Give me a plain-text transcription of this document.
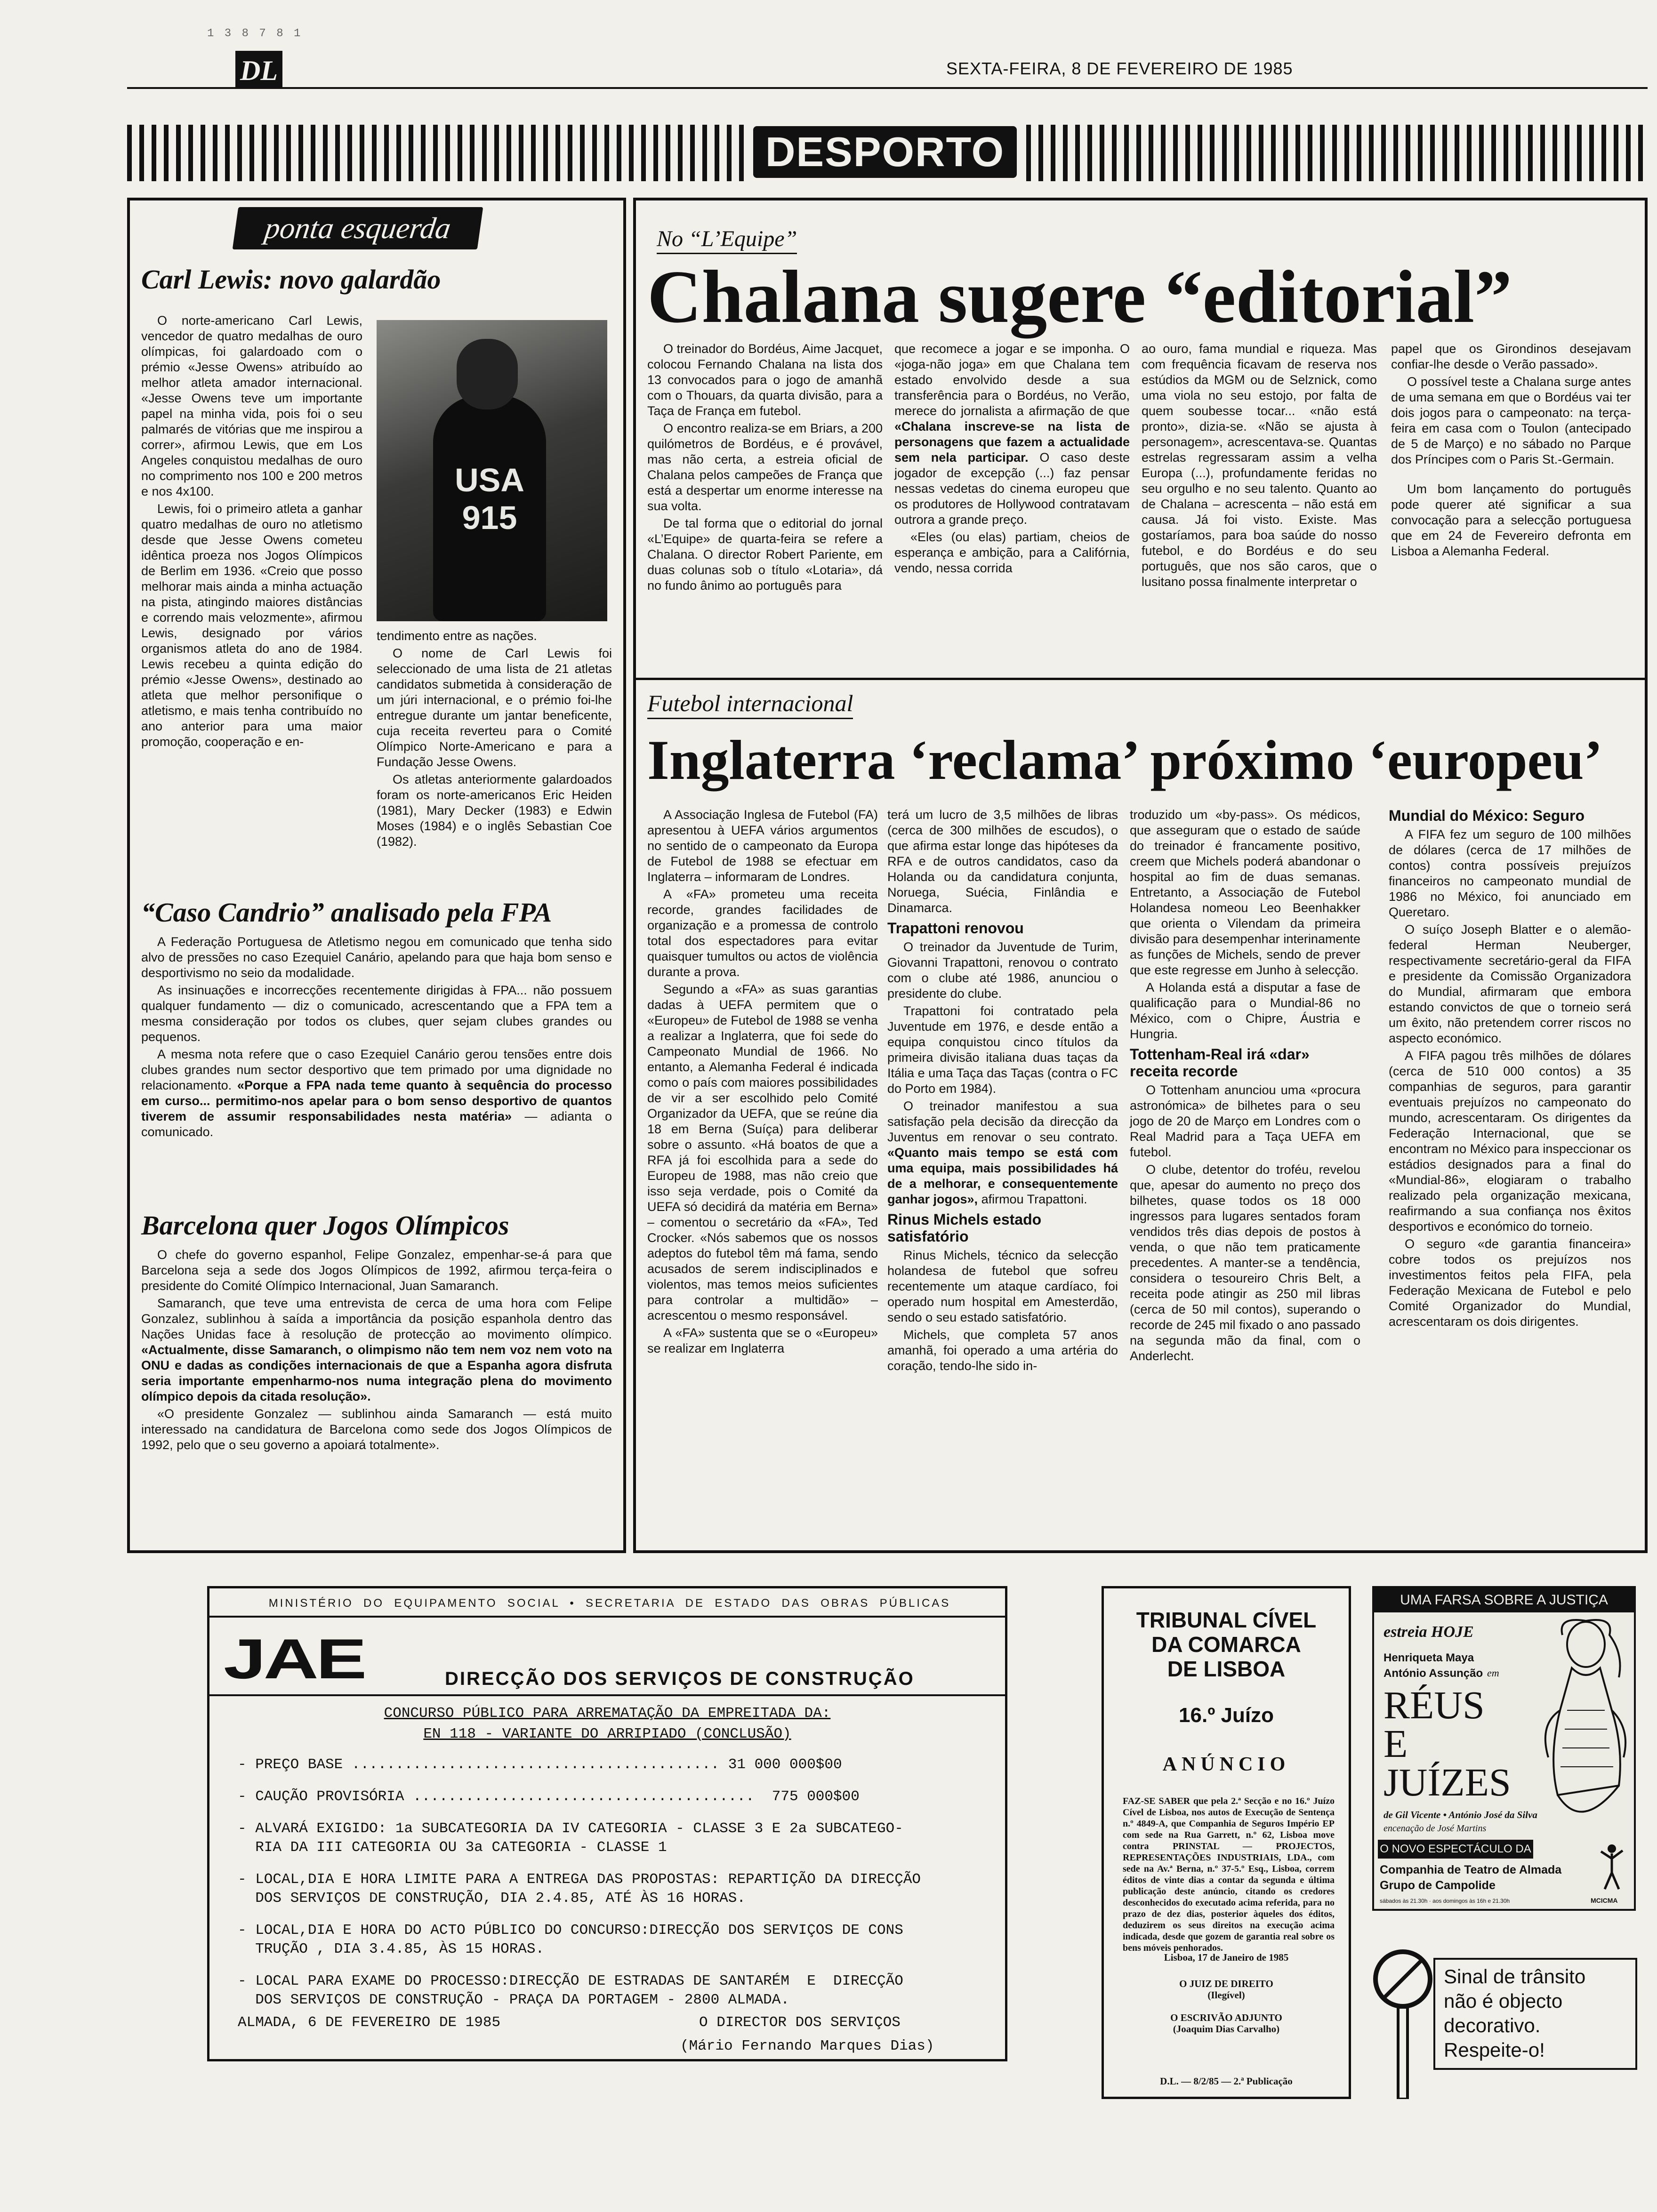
1 3 8 7 8 1
DL	SEXTA-FEIRA, 8 DE FEVEREIRO DE 1985
DESPORTO
ponta esquerda
Carl Lewis: novo galardão

O norte-americano Carl Lewis, vencedor de quatro medalhas de ouro olímpicas, foi galardoado com o prémio «Jesse Owens» atribuído ao melhor atleta amador internacional. «Jesse Owens teve um importante papel na minha vida, pois foi o seu palmarés de vitórias que me inspirou a correr», afirmou Lewis, que em Los Angeles conquistou medalhas de ouro no comprimento nos 100 e 200 metros e nos 4x100.

Lewis, foi o primeiro atleta a ganhar quatro medalhas de ouro no atletismo desde que Jesse Owens cometeu idêntica proeza nos Jogos Olímpicos de Berlim em 1936. «Creio que posso melhorar mais ainda a minha actuação na pista, atingindo maiores distâncias e correndo mais velozmente», afirmou Lewis, designado por vários organismos atleta do ano de 1984. Lewis recebeu a quinta edição do prémio «Jesse Owens», destinado ao atleta que melhor personifique o atletismo, e mais tenha contribuído no ano anterior para uma maior promoção, cooperação e en-

USA 915

tendimento entre as nações.

O nome de Carl Lewis foi seleccionado de uma lista de 21 atletas candidatos submetida à consideração de um júri internacional, e o prémio foi-lhe entregue durante um jantar beneficente, cuja receita reverteu para o Comité Olímpico Norte-Americano e para a Fundação Jesse Owens.

Os atletas anteriormente galardoados foram os norte-americanos Eric Heiden (1981), Mary Decker (1983) e Edwin Moses (1984) e o inglês Sebastian Coe (1982).

“Caso Candrio” analisado pela FPA

A Federação Portuguesa de Atletismo negou em comunicado que tenha sido alvo de pressões no caso Ezequiel Canário, apelando para que haja bom senso e desportivismo no seio da modalidade.

As insinuações e incorrecções recentemente dirigidas à FPA... não possuem qualquer fundamento — diz o comunicado, acrescentando que a FPA tem a mesma consideração por todos os clubes, quer sejam clubes grandes ou pequenos.

A mesma nota refere que o caso Ezequiel Canário gerou tensões entre dois clubes grandes num sector desportivo que tem primado por uma dignidade no relacionamento. «Porque a FPA nada teme quanto à sequência do processo em curso... permitimo-nos apelar para o bom senso desportivo de quantos tiverem de assumir responsabilidades nesta matéria» — adianta o comunicado.

Barcelona quer Jogos Olímpicos

O chefe do governo espanhol, Felipe Gonzalez, empenhar-se-á para que Barcelona seja a sede dos Jogos Olímpicos de 1992, afirmou terça-feira o presidente do Comité Olímpico Internacional, Juan Samaranch.

Samaranch, que teve uma entrevista de cerca de uma hora com Felipe Gonzalez, sublinhou à saída a importância da posição espanhola dentro das Nações Unidas face à resolução de protecção ao movimento olímpico. «Actualmente, disse Samaranch, o olimpismo não tem nem voz nem voto na ONU e dadas as condições internacionais de que a Espanha agora disfruta seria importante empenharmo-nos numa integração plena do movimento olímpico depois da citada resolução».

«O presidente Gonzalez — sublinhou ainda Samaranch — está muito interessado na candidatura de Barcelona como sede dos Jogos Olímpicos de 1992, pelo que o seu governo a apoiará totalmente».

No “L’Equipe”
Chalana sugere “editorial”

O treinador do Bordéus, Aime Jacquet, colocou Fernando Chalana na lista dos 13 convocados para o jogo de amanhã com o Thouars, da quarta divisão, para a Taça de França em futebol.

O encontro realiza-se em Briars, a 200 quilómetros de Bordéus, e é provável, mas não certa, a estreia oficial de Chalana pelos campeões de França que está a despertar um enorme interesse na sua volta.

De tal forma que o editorial do jornal «L’Equipe» de quarta-feira se refere a Chalana. O director Robert Pariente, em duas colunas sob o título «Lotaria», dá no fundo ânimo ao português para

que recomece a jogar e se imponha. O «joga-não joga» em que Chalana tem estado envolvido desde a sua transferência para o Bordéus, no Verão, merece do jornalista a afirmação de que «Chalana inscreve-se na lista de personagens que fazem a actualidade sem nela participar. O caso deste jogador de excepção (...) faz pensar nessas vedetas do cinema europeu que os produtores de Hollywood contratavam outrora a grande preço.

«Eles (ou elas) partiam, cheios de esperança e ambição, para a Califórnia, vendo, nessa corrida

ao ouro, fama mundial e riqueza. Mas com frequência ficavam de reserva nos estúdios da MGM ou de Selznick, como uma viola no seu estojo, por falta de quem soubesse tocar... «não está pronto», dizia-se. «Não se ajusta à personagem», acrescentava-se. Quantas estrelas regressaram assim a velha Europa (...), profundamente feridas no seu orgulho e no seu talento. Quanto ao de Chalana – acrescenta – não está em causa. Já foi visto. Existe. Mas gostaríamos, para boa saúde do nosso futebol, e do Bordéus e do seu português, que nos são caros, que o lusitano possa finalmente interpretar o

papel que os Girondinos desejavam confiar-lhe desde o Verão passado».

O possível teste a Chalana surge antes de uma semana em que o Bordéus vai ter dois jogos para o campeonato: na terça-feira em casa com o Toulon (antecipado de 5 de Março) e no sábado no Parque dos Príncipes com o Paris St.-Germain.

Um bom lançamento do português pode querer até significar a sua convocação para a selecção portuguesa que em 24 de Fevereiro defronta em Lisboa a Alemanha Federal.

Futebol internacional
Inglaterra ‘reclama’ próximo ‘europeu’

A Associação Inglesa de Futebol (FA) apresentou à UEFA vários argumentos no sentido de o campeonato da Europa de Futebol de 1988 se efectuar em Inglaterra – informaram de Londres.

A «FA» prometeu uma receita recorde, grandes facilidades de organização e a promessa de controlo total dos espectadores para evitar quaisquer tumultos ou actos de violência durante a prova.

Segundo a «FA» as suas garantias dadas à UEFA permitem que o «Europeu» de Futebol de 1988 se venha a realizar a Inglaterra, que foi sede do Campeonato Mundial de 1966. No entanto, a Alemanha Federal é indicada como o país com maiores possibilidades de vir a ser escolhido pelo Comité Organizador da UEFA, que se reúne dia 18 em Berna (Suíça) para deliberar sobre o assunto. «Há boatos de que a RFA já foi escolhida para a sede do Europeu de 1988, mas não creio que isso seja verdade, pois o Comité da UEFA só decidirá da matéria em Berna» – comentou o secretário da «FA», Ted Crocker. «Nós sabemos que os nossos adeptos do futebol têm má fama, sendo acusados de serem indisciplinados e violentos, mas temos meios suficientes para controlar a multidão» – acrescentou o mesmo responsável.

A «FA» sustenta que se o «Europeu» se realizar em Inglaterra

terá um lucro de 3,5 milhões de libras (cerca de 300 milhões de escudos), o que afirma estar longe das hipóteses da RFA e de outros candidatos, caso da Holanda ou da candidatura conjunta, Noruega, Suécia, Finlândia e Dinamarca.

Trapattoni renovou

O treinador da Juventude de Turim, Giovanni Trapattoni, renovou o contrato com o clube até 1986, anunciou o presidente do clube.

Trapattoni foi contratado pela Juventude em 1976, e desde então a equipa conquistou cinco títulos da primeira divisão italiana duas taças da Itália e uma Taça das Taças (contra o FC do Porto em 1984).

O treinador manifestou a sua satisfação pela decisão da direcção da Juventus em renovar o seu contrato. «Quanto mais tempo se está com uma equipa, mais possibilidades há de a melhorar, e consequentemente ganhar jogos», afirmou Trapattoni.

Rinus Michels estado satisfatório

Rinus Michels, técnico da selecção holandesa de futebol que sofreu recentemente um ataque cardíaco, foi operado num hospital em Amesterdão, sendo o seu estado satisfatório.

Michels, que completa 57 anos amanhã, foi operado a uma artéria do coração, tendo-lhe sido in-

troduzido um «by-pass». Os médicos, que asseguram que o estado de saúde do treinador é francamente positivo, creem que Michels poderá abandonar o hospital ao fim de duas semanas. Entretanto, a Associação de Futebol Holandesa nomeou Leo Beenhakker que orienta o Vilendam da primeira divisão para desempenhar interinamente as funções de Michels, sendo de prever que este regresse em Junho à selecção.

A Holanda está a disputar a fase de qualificação para o Mundial-86 no México, com o Chipre, Áustria e Hungria.

Tottenham-Real irá «dar» receita recorde

O Tottenham anunciou uma «procura astronómica» de bilhetes para o seu jogo de 20 de Março em Londres com o Real Madrid para a Taça UEFA em futebol.

O clube, detentor do troféu, revelou que, apesar do aumento no preço dos bilhetes, quase todos os 18 000 ingressos para lugares sentados foram vendidos três dias depois de postos à venda, o que não tem praticamente precedentes. A manter-se a tendência, considera o tesoureiro Chris Belt, a receita pode atingir as 250 mil libras (cerca de 50 mil contos), superando o recorde de 245 mil fixado o ano passado na segunda mão da final, com o Anderlecht.

Mundial do México: Seguro

A FIFA fez um seguro de 100 milhões de dólares (cerca de 17 milhões de contos) contra possíveis prejuízos financeiros no campeonato mundial de 1986 no México, foi anunciado em Queretaro.

O suíço Joseph Blatter e o alemão-federal Herman Neuberger, respectivamente secretário-geral da FIFA e presidente da Comissão Organizadora do Mundial, afirmaram que embora estando convictos de que o torneio será um êxito, não pretendem correr riscos no aspecto económico.

A FIFA pagou três milhões de dólares (cerca de 510 000 contos) a 35 companhias de seguros, para garantir eventuais prejuízos no campeonato do mundo, acrescentaram. Os dirigentes da Federação Internacional, que se encontram no México para inspeccionar os estádios designados para a final do «Mundial-86», elogiaram o trabalho realizado pela organização mexicana, reafirmando a sua confiança nos êxitos desportivos e económico do torneio.

O seguro «de garantia financeira» cobre todos os prejuízos nos investimentos feitos pela FIFA, pela Federação Mexicana de Futebol e pelo Comité Organizador do Mundial, acrescentaram os dois dirigentes.

MINISTÉRIO  DO  EQUIPAMENTO  SOCIAL  •  SECRETARIA  DE  ESTADO  DAS  OBRAS  PÚBLICAS
JAE	DIRECÇÃO DOS SERVIÇOS DE CONSTRUÇÃO
CONCURSO PÚBLICO PARA ARREMATAÇÃO DA EMPREITADA DA:
EN 118 - VARIANTE DO ARRIPIADO (CONCLUSÃO)
- PREÇO BASE .......................................... 31 000 000$00
- CAUÇÃO PROVISÓRIA .......................................  775 000$00
- ALVARÁ EXIGIDO: 1a SUBCATEGORIA DA IV CATEGORIA - CLASSE 3 E 2a SUBCATEGO-
RIA DA III CATEGORIA OU 3a CATEGORIA - CLASSE 1
- LOCAL,DIA E HORA LIMITE PARA A ENTREGA DAS PROPOSTAS: REPARTIÇÃO DA DIRECÇÃO
DOS SERVIÇOS DE CONSTRUÇÃO, DIA 2.4.85, ATÉ ÀS 16 HORAS.
- LOCAL,DIA E HORA DO ACTO PÚBLICO DO CONCURSO:DIRECÇÃO DOS SERVIÇOS DE CONS
TRUÇÃO , DIA 3.4.85, ÀS 15 HORAS.
- LOCAL PARA EXAME DO PROCESSO:DIRECÇÃO DE ESTRADAS DE SANTARÉM  E  DIRECÇÃO
DOS SERVIÇOS DE CONSTRUÇÃO - PRAÇA DA PORTAGEM - 2800 ALMADA.
ALMADA, 6 DE FEVEREIRO DE 1985	O DIRECTOR DOS SERVIÇOS
(Mário Fernando Marques Dias)
TRIBUNAL CÍVEL
DA COMARCA
DE LISBOA
16.º Juízo
ANÚNCIO
FAZ-SE SABER que pela 2.ª Secção e no 16.º Juízo Cível de Lisboa, nos autos de Execução de Sentença n.º 4849-A, que Companhia de Seguros Império EP com sede na Rua Garrett, n.º 62, Lisboa move contra PRINSTAL — PROJECTOS, REPRESENTAÇÕES INDUSTRIAIS, LDA., com sede na Av.ª Berna, n.º 37-5.º Esq., Lisboa, correm éditos de vinte dias a contar da segunda e última publicação deste anúncio, citando os credores desconhecidos do executado acima referida, para no prazo de dez dias, posterior àqueles dos éditos, deduzirem os seus direitos na execução acima indicada, desde que gozem de garantia real sobre os bens móveis penhorados.
Lisboa, 17 de Janeiro de 1985
O JUIZ DE DIREITO
(Ilegível)
O ESCRIVÃO ADJUNTO
(Joaquim Dias Carvalho)
D.L. — 8/2/85 — 2.ª Publicação
UMA FARSA SOBRE A JUSTIÇA
estreia HOJE
Henriqueta Maya
António Assunção em
RÉUS
E
JUÍZES
de Gil Vicente • António José da Silva
encenação de José Martins
O NOVO ESPECTÁCULO DA
Companhia de Teatro de Almada
Grupo de Campolide
sábados às 21.30h · aos domingos às 16h e 21.30h	MCICMA
Sinal de trânsito
não é objecto
decorativo.
Respeite-o!
